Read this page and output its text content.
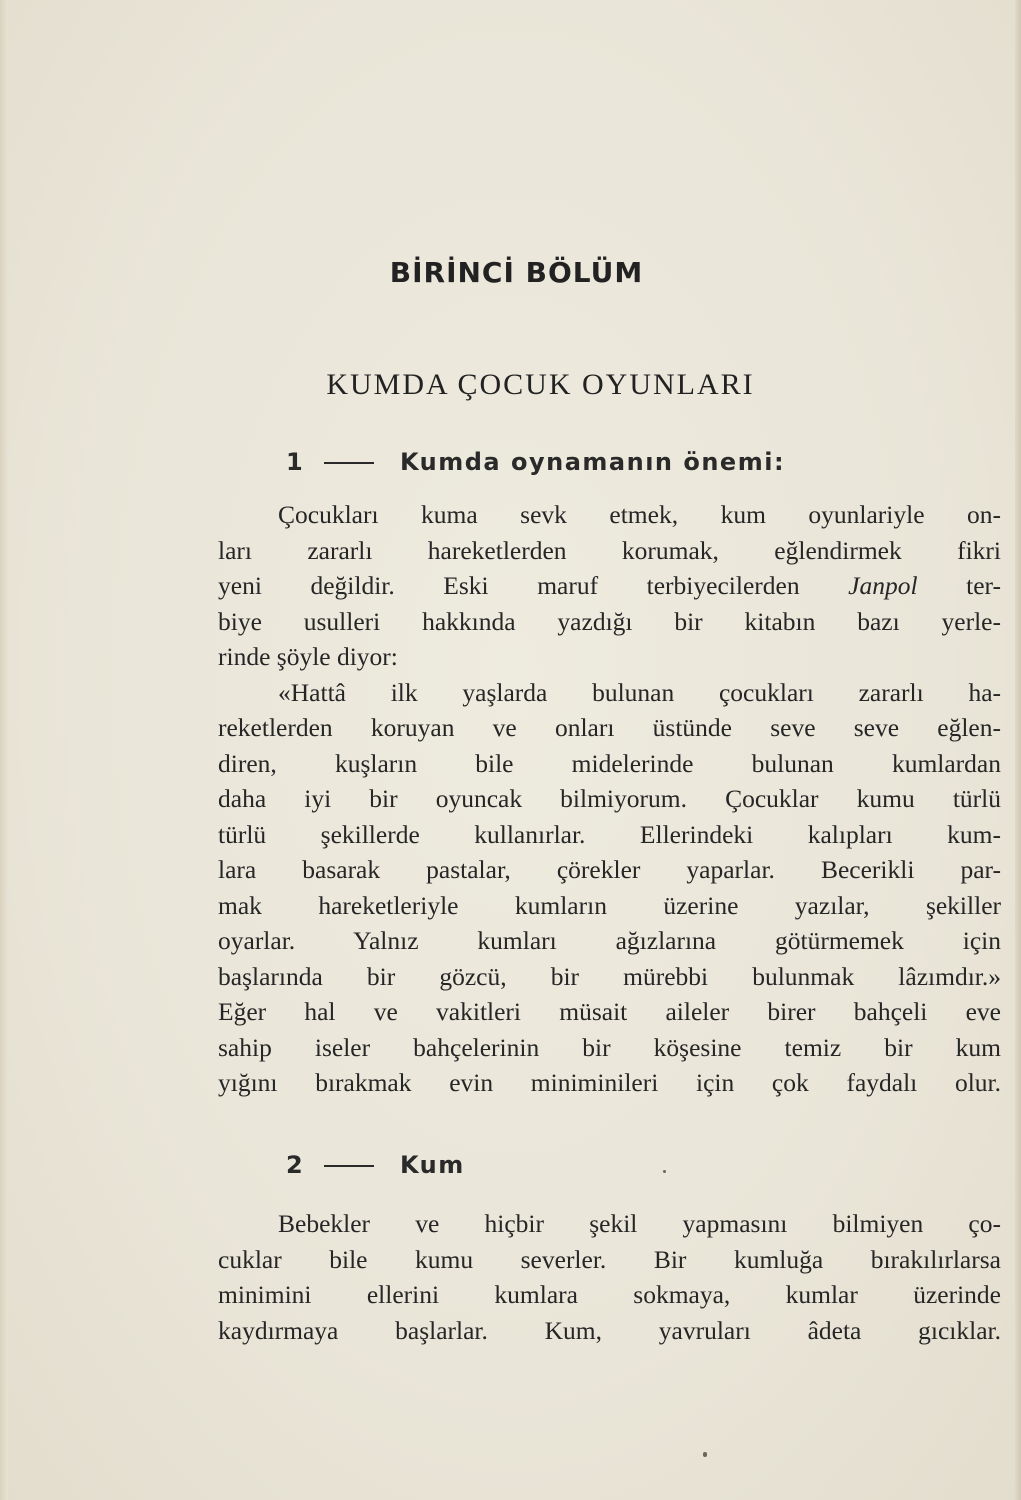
BİRİNCİ BÖLÜM
KUMDA ÇOCUK OYUNLARI
1	Kumda oynamanın önemi:
Çocukları kuma sevk etmek, kum oyunlariyle on-
ları zararlı hareketlerden korumak, eğlendirmek fikri
yeni değildir. Eski maruf terbiyecilerden Janpol ter-
biye usulleri hakkında yazdığı bir kitabın bazı yerle-
rinde şöyle diyor:
«Hattâ ilk yaşlarda bulunan çocukları zararlı ha-
reketlerden koruyan ve onları üstünde seve seve eğlen-
diren, kuşların bile midelerinde bulunan kumlardan
daha iyi bir oyuncak bilmiyorum. Çocuklar kumu türlü
türlü şekillerde kullanırlar. Ellerindeki kalıpları kum-
lara basarak pastalar, çörekler yaparlar. Becerikli par-
mak hareketleriyle kumların üzerine yazılar, şekiller
oyarlar. Yalnız kumları ağızlarına götürmemek için
başlarında bir gözcü, bir mürebbi bulunmak lâzımdır.»
Eğer hal ve vakitleri müsait aileler birer bahçeli eve
sahip iseler bahçelerinin bir köşesine temiz bir kum
yığını bırakmak evin miniminileri için çok faydalı olur.
2	Kum
Bebekler ve hiçbir şekil yapmasını bilmiyen ço-
cuklar bile kumu severler. Bir kumluğa bırakılırlarsa
minimini ellerini kumlara sokmaya, kumlar üzerinde
kaydırmaya başlarlar. Kum, yavruları âdeta gıcıklar.
